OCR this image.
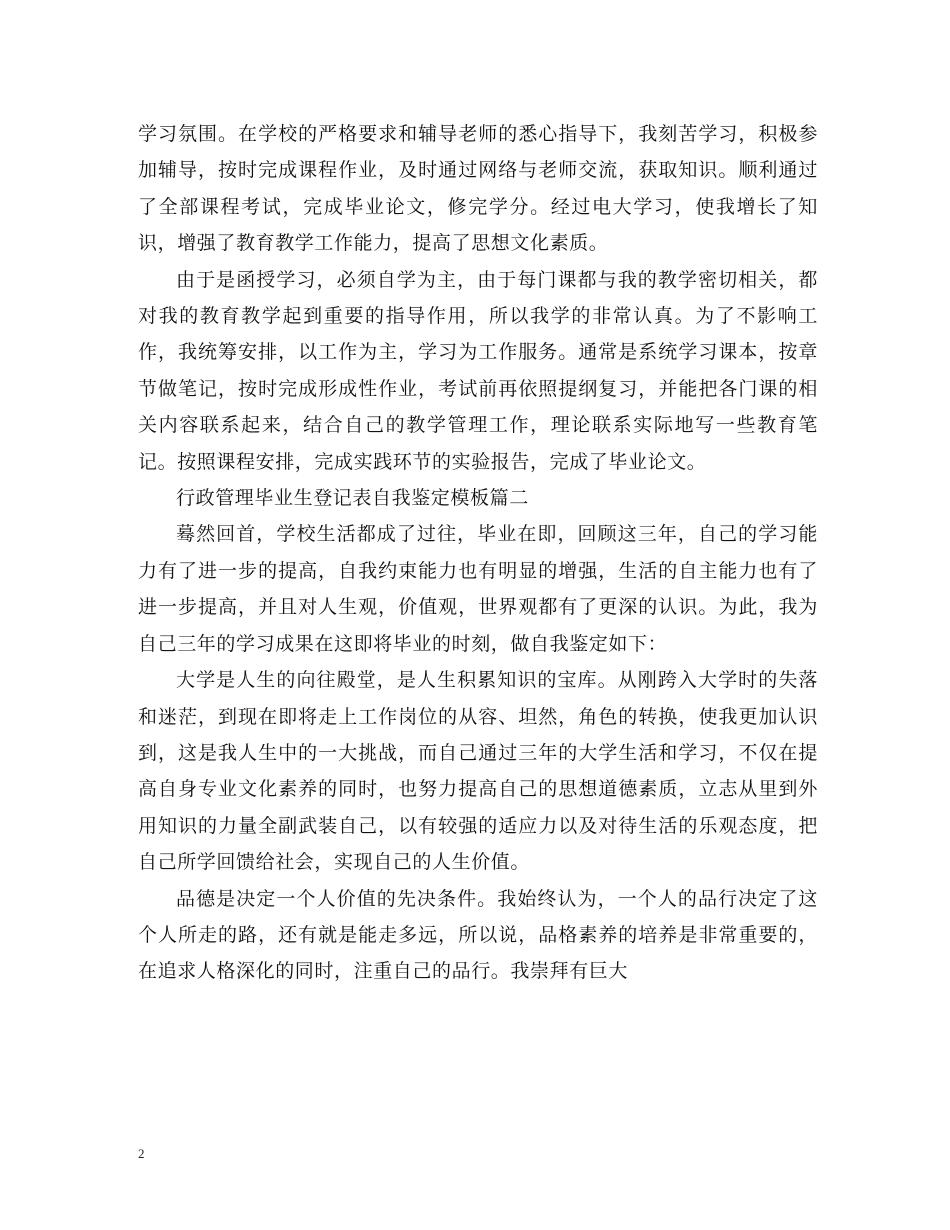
学习氛围。在学校的严格要求和辅导老师的悉心指导下，我刻苦学习，积极参加辅导，按时完成课程作业，及时通过网络与老师交流，获取知识。顺利通过了全部课程考试，完成毕业论文，修完学分。经过电大学习，使我增长了知识，增强了教育教学工作能力，提高了思想文化素质。

由于是函授学习，必须自学为主，由于每门课都与我的教学密切相关，都对我的教育教学起到重要的指导作用，所以我学的非常认真。为了不影响工作，我统筹安排，以工作为主，学习为工作服务。通常是系统学习课本，按章节做笔记，按时完成形成性作业，考试前再依照提纲复习，并能把各门课的相关内容联系起来，结合自己的教学管理工作，理论联系实际地写一些教育笔记。按照课程安排，完成实践环节的实验报告，完成了毕业论文。

行政管理毕业生登记表自我鉴定模板篇二

蓦然回首，学校生活都成了过往，毕业在即，回顾这三年，自己的学习能力有了进一步的提高，自我约束能力也有明显的增强，生活的自主能力也有了进一步提高，并且对人生观，价值观，世界观都有了更深的认识。为此，我为自己三年的学习成果在这即将毕业的时刻，做自我鉴定如下：

大学是人生的向往殿堂，是人生积累知识的宝库。从刚跨入大学时的失落和迷茫，到现在即将走上工作岗位的从容、坦然，角色的转换，使我更加认识到，这是我人生中的一大挑战，而自己通过三年的大学生活和学习，不仅在提高自身专业文化素养的同时，也努力提高自己的思想道德素质，立志从里到外用知识的力量全副武装自己，以有较强的适应力以及对待生活的乐观态度，把自己所学回馈给社会，实现自己的人生价值。

品德是决定一个人价值的先决条件。我始终认为，一个人的品行决定了这个人所走的路，还有就是能走多远，所以说，品格素养的培养是非常重要的，在追求人格深化的同时，注重自己的品行。我崇拜有巨大

2
